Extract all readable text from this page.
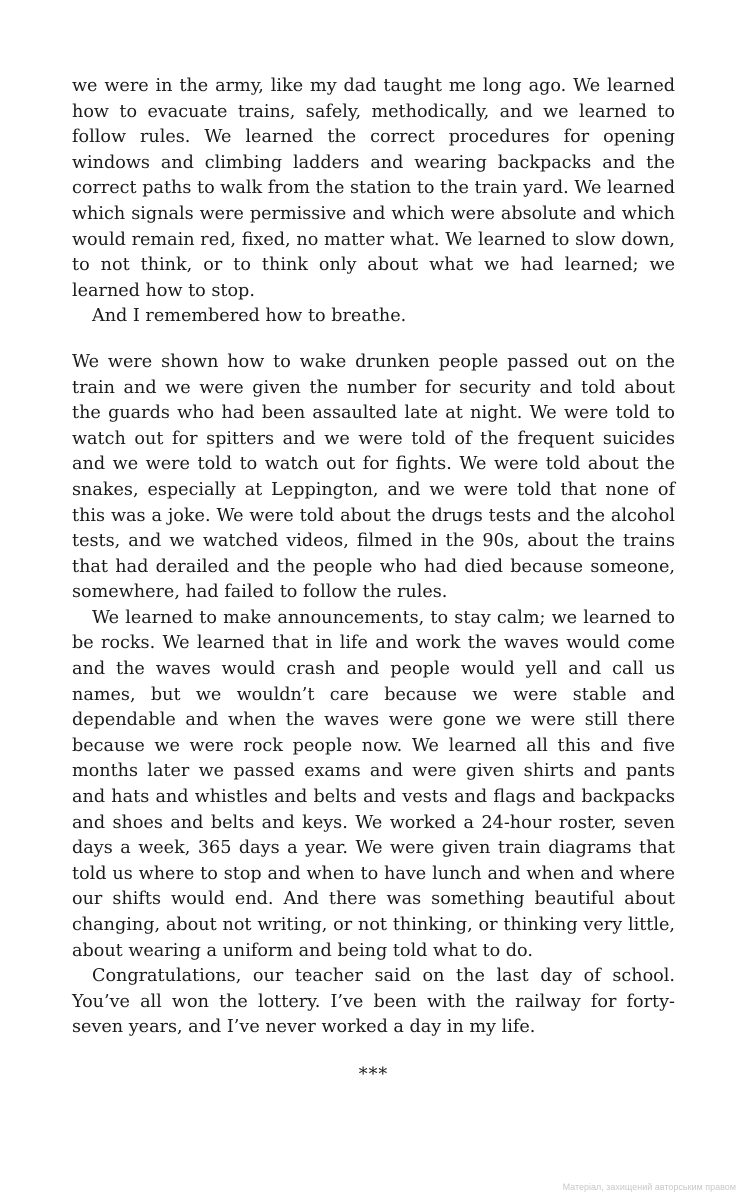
we were in the army, like my dad taught me long ago. We learned how to evacuate trains, safely, methodically, and we learned to follow rules. We learned the correct procedures for opening windows and climbing ladders and wearing backpacks and the correct paths to walk from the station to the train yard. We learned which signals were permissive and which were absolute and which would remain red, fixed, no matter what. We learned to slow down, to not think, or to think only about what we had learned; we learned how to stop.

And I remembered how to breathe.

We were shown how to wake drunken people passed out on the train and we were given the number for security and told about the guards who had been assaulted late at night. We were told to watch out for spitters and we were told of the frequent suicides and we were told to watch out for fights. We were told about the snakes, especially at Leppington, and we were told that none of this was a joke. We were told about the drugs tests and the alcohol tests, and we watched videos, filmed in the 90s, about the trains that had derailed and the people who had died because someone, somewhere, had failed to follow the rules.

We learned to make announcements, to stay calm; we learned to be rocks. We learned that in life and work the waves would come and the waves would crash and people would yell and call us names, but we wouldn’t care because we were stable and dependable and when the waves were gone we were still there because we were rock people now. We learned all this and five months later we passed exams and were given shirts and pants and hats and whistles and belts and vests and flags and backpacks and shoes and belts and keys. We worked a 24-hour roster, seven days a week, 365 days a year. We were given train diagrams that told us where to stop and when to have lunch and when and where our shifts would end. And there was something beautiful about changing, about not writing, or not thinking, or thinking very little, about wearing a uniform and being told what to do.

Congratulations, our teacher said on the last day of school. You’ve all won the lottery. I’ve been with the railway for forty-seven years, and I’ve never worked a day in my life.

***

Матеріал, захищений авторським правом
